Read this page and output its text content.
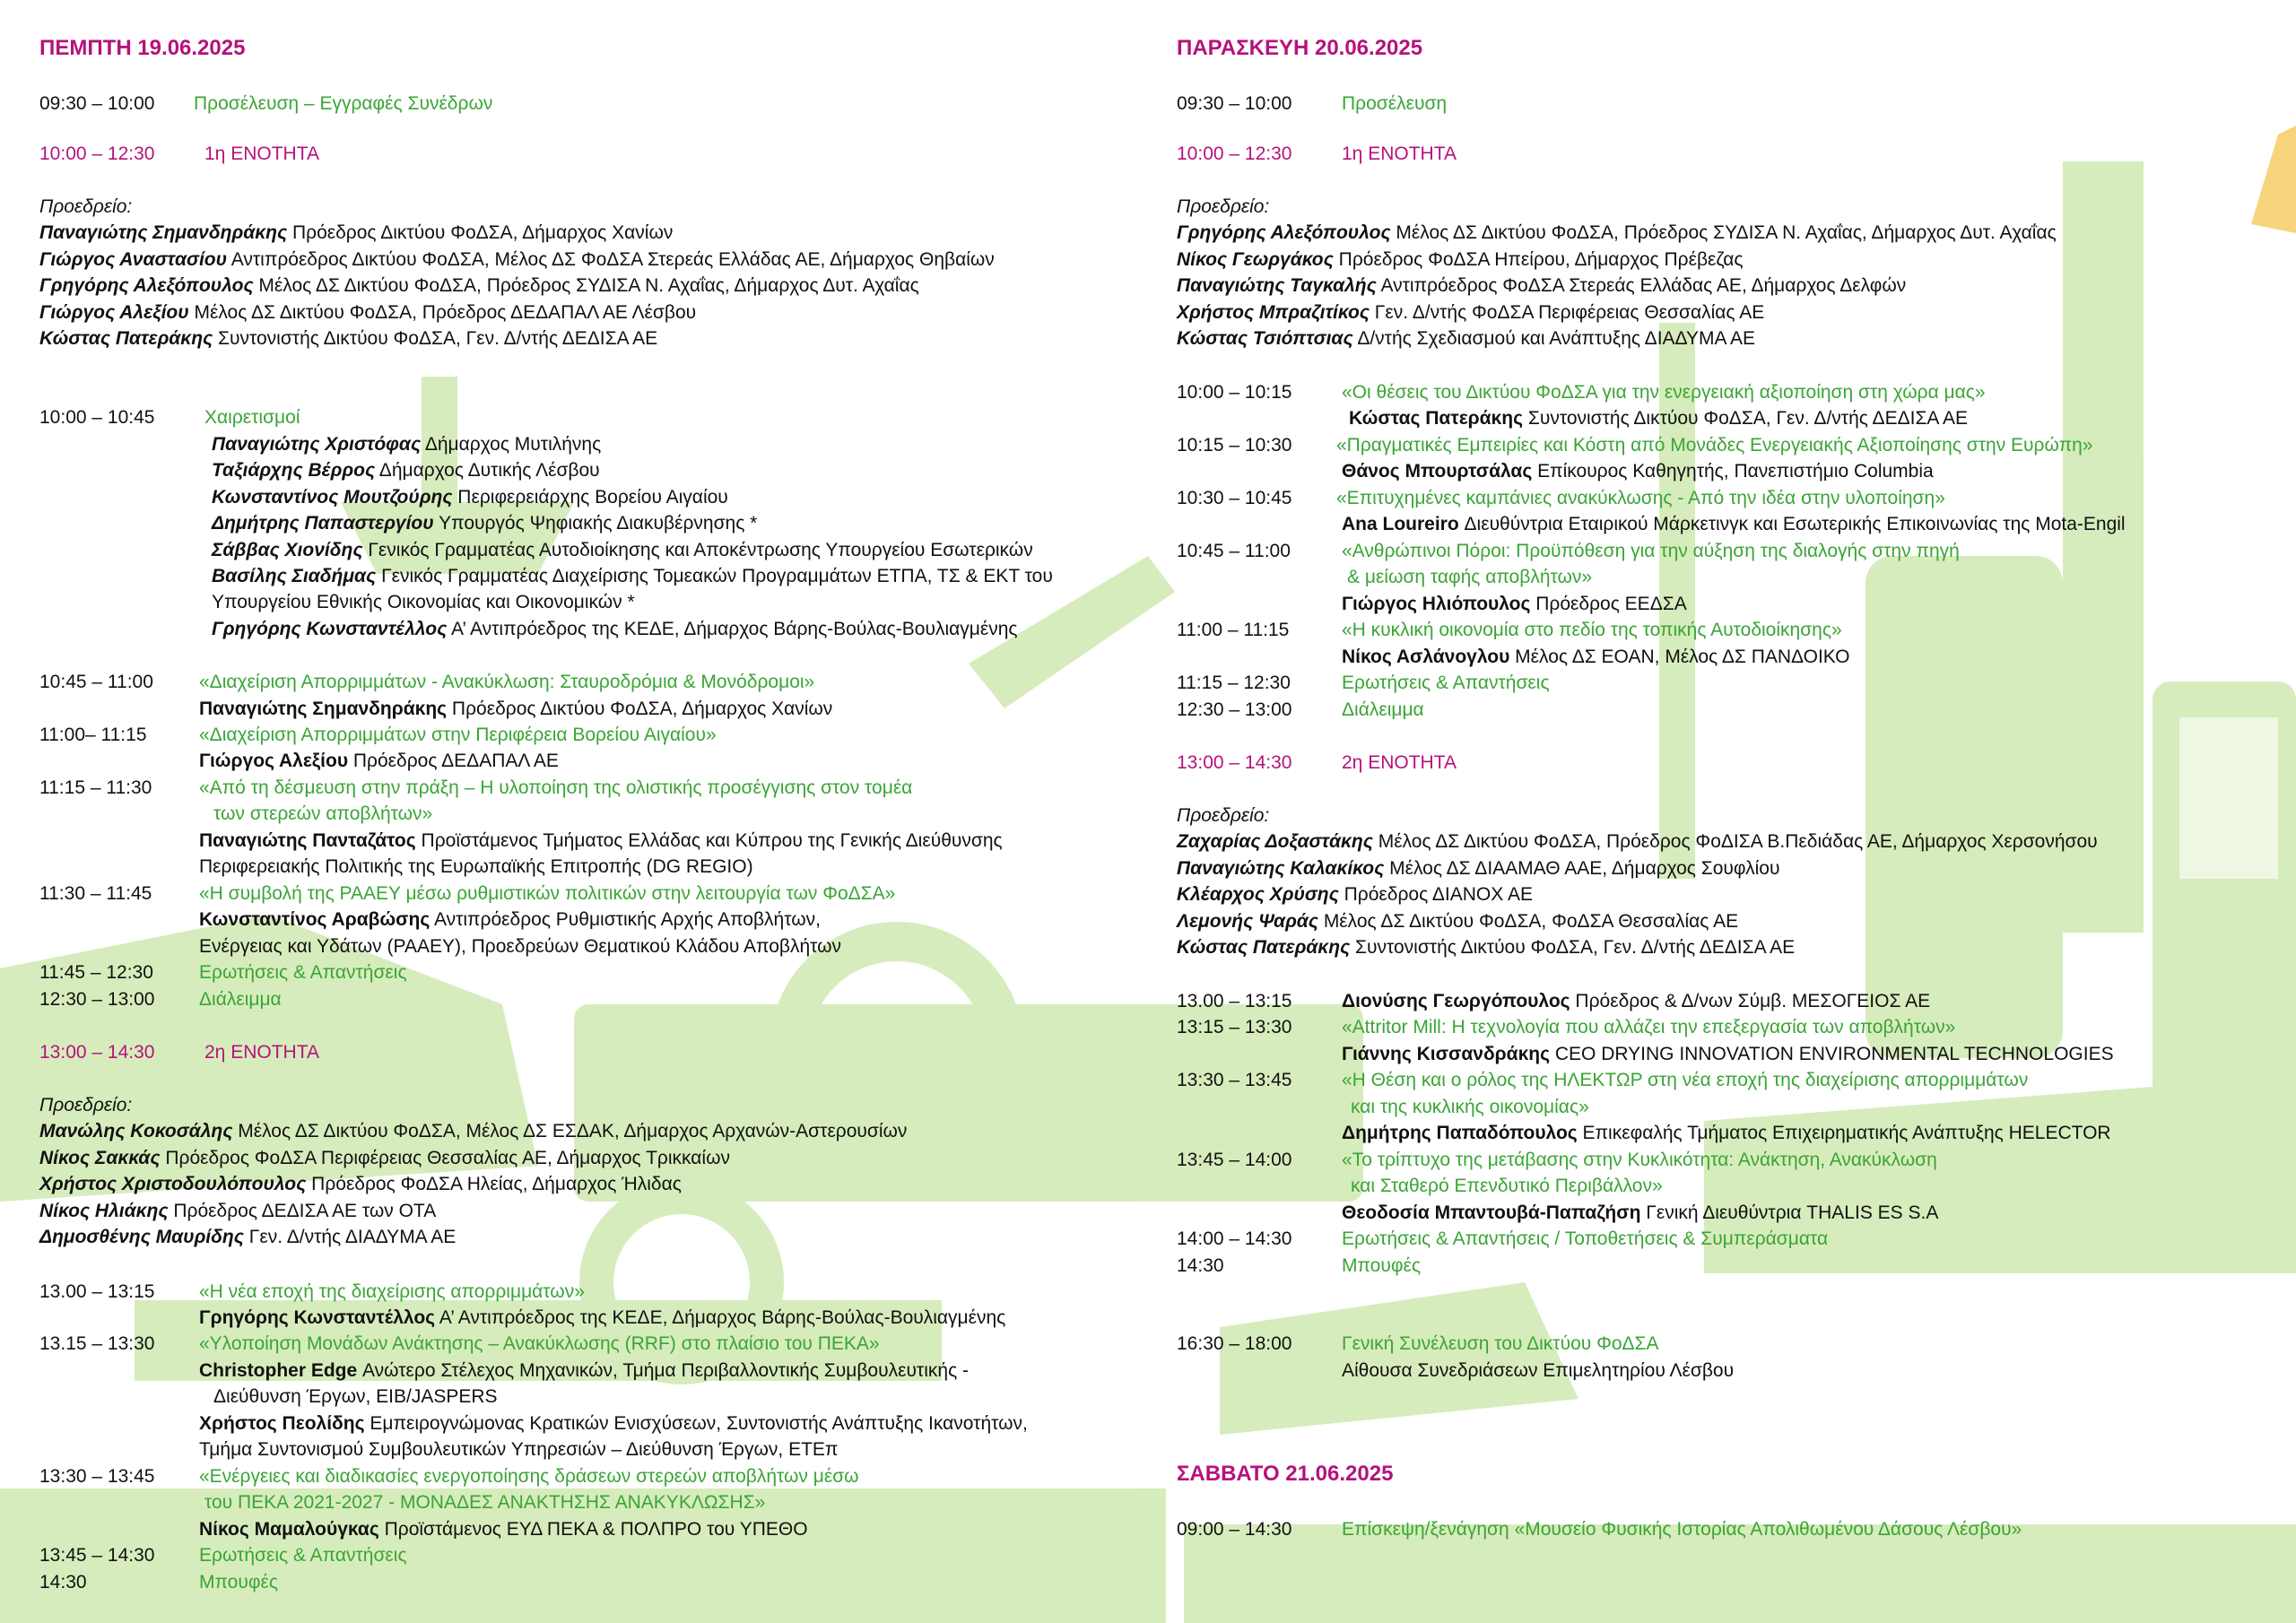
ΠΕΜΠΤΗ 19.06.2025
09:30 – 10:00 Προσέλευση – Εγγραφές Συνέδρων
10:00 – 12:30	1η ΕΝΟΤΗΤΑ
Προεδρείο:
Παναγιώτης Σημανδηράκης Πρόεδρος Δικτύου ΦοΔΣΑ, Δήμαρχος Χανίων
Γιώργος Αναστασίου Αντιπρόεδρος Δικτύου ΦοΔΣΑ, Μέλος ΔΣ ΦοΔΣΑ Στερεάς Ελλάδας ΑΕ, Δήμαρχος Θηβαίων
Γρηγόρης Αλεξόπουλος Μέλος ΔΣ Δικτύου ΦοΔΣΑ, Πρόεδρος ΣΥΔΙΣΑ Ν. Αχαΐας, Δήμαρχος Δυτ. Αχαΐας
Γιώργος Αλεξίου Μέλος ΔΣ Δικτύου ΦοΔΣΑ, Πρόεδρος ΔΕΔΑΠΑΛ ΑΕ Λέσβου
Κώστας Πατεράκης Συντονιστής Δικτύου ΦοΔΣΑ, Γεν. Δ/ντής ΔΕΔΙΣΑ ΑΕ
10:00 – 10:45	Χαιρετισμοί
Παναγιώτης Χριστόφας Δήμαρχος Μυτιλήνης
Ταξιάρχης Βέρρος Δήμαρχος Δυτικής Λέσβου
Κωνσταντίνος Μουτζούρης Περιφερειάρχης Βορείου Αιγαίου
Δημήτρης Παπαστεργίου Υπουργός Ψηφιακής Διακυβέρνησης *
Σάββας Χιονίδης Γενικός Γραμματέας Αυτοδιοίκησης και Αποκέντρωσης Υπουργείου Εσωτερικών
Βασίλης Σιαδήμας Γενικός Γραμματέας Διαχείρισης Τομεακών Προγραμμάτων ΕΤΠΑ, ΤΣ & ΕΚΤ του
Υπουργείου Εθνικής Οικονομίας και Οικονομικών *
Γρηγόρης Κωνσταντέλλος Α’ Αντιπρόεδρος της ΚΕΔΕ, Δήμαρχος Βάρης-Βούλας-Βουλιαγμένης
10:45 – 11:00 «Διαχείριση Απορριμμάτων - Ανακύκλωση: Σταυροδρόμια & Μονόδρομοι»
Παναγιώτης Σημανδηράκης Πρόεδρος Δικτύου ΦοΔΣΑ, Δήμαρχος Χανίων
11:00– 11:15	«Διαχείριση Απορριμμάτων στην Περιφέρεια Βορείου Αιγαίου»
Γιώργος Αλεξίου Πρόεδρος ΔΕΔΑΠΑΛ ΑΕ
11:15 – 11:30	«Από τη δέσμευση στην πράξη – Η υλοποίηση της ολιστικής προσέγγισης στον τομέα
των στερεών αποβλήτων»
Παναγιώτης Πανταζάτος Προϊστάμενος Τμήματος Ελλάδας και Κύπρου της Γενικής Διεύθυνσης
Περιφερειακής Πολιτικής της Ευρωπαϊκής Επιτροπής (DG REGIO)
11:30 – 11:45	«Η συμβολή της ΡΑΑΕΥ μέσω ρυθμιστικών πολιτικών στην λειτουργία των ΦοΔΣΑ»
Κωνσταντίνος Αραβώσης Αντιπρόεδρος Ρυθμιστικής Αρχής Αποβλήτων,
Ενέργειας και Υδάτων (ΡΑΑΕΥ), Προεδρεύων Θεματικού Κλάδου Αποβλήτων
11:45 – 12:30 Ερωτήσεις & Απαντήσεις
12:30 – 13:00 Διάλειμμα
13:00 – 14:30	2η ΕΝΟΤΗΤΑ
Προεδρείο:
Μανώλης Κοκοσάλης Μέλος ΔΣ Δικτύου ΦοΔΣΑ, Μέλος ΔΣ ΕΣΔΑΚ, Δήμαρχος Αρχανών-Αστερουσίων
Νίκος Σακκάς Πρόεδρος ΦοΔΣΑ Περιφέρειας Θεσσαλίας ΑΕ, Δήμαρχος Τρικκαίων
Χρήστος Χριστοδουλόπουλος Πρόεδρος ΦοΔΣΑ Ηλείας, Δήμαρχος Ήλιδας
Νίκος Ηλιάκης Πρόεδρος ΔΕΔΙΣΑ ΑΕ των ΟΤΑ
Δημοσθένης Μαυρίδης Γεν. Δ/ντής ΔΙΑΔΥΜΑ ΑΕ
13.00 – 13:15 «Η νέα εποχή της διαχείρισης απορριμμάτων»
Γρηγόρης Κωνσταντέλλος Α’ Αντιπρόεδρος της ΚΕΔΕ, Δήμαρχος Βάρης-Βούλας-Βουλιαγμένης
13.15 – 13:30 «Υλοποίηση Μονάδων Ανάκτησης – Ανακύκλωσης (RRF) στο πλαίσιο του ΠΕΚΑ»
Christopher Edge Ανώτερο Στέλεχος Μηχανικών, Τμήμα Περιβαλλοντικής Συμβουλευτικής -
Διεύθυνση Έργων, EIB/JASPERS
Χρήστος Πεολίδης Εμπειρογνώμονας Κρατικών Ενισχύσεων, Συντονιστής Ανάπτυξης Ικανοτήτων,
Τμήμα Συντονισμού Συμβουλευτικών Υπηρεσιών – Διεύθυνση Έργων, ΕΤΕπ
13:30 – 13:45 «Ενέργειες και διαδικασίες ενεργοποίησης δράσεων στερεών αποβλήτων μέσω
του ΠΕΚΑ 2021-2027 - ΜΟΝΑΔΕΣ ΑΝΑΚΤΗΣΗΣ ΑΝΑΚΥΚΛΩΣΗΣ»
Νίκος Μαμαλούγκας Προϊστάμενος ΕΥΔ ΠΕΚΑ & ΠΟΛΠΡΟ του ΥΠΕΘΟ
13:45 – 14:30 Ερωτήσεις & Απαντήσεις
14:30	Μπουφές
ΠΑΡΑΣΚΕΥΗ 20.06.2025
09:30 – 10:00	Προσέλευση
10:00 – 12:30	1η ΕΝΟΤΗΤΑ
Προεδρείο:
Γρηγόρης Αλεξόπουλος Μέλος ΔΣ Δικτύου ΦοΔΣΑ, Πρόεδρος ΣΥΔΙΣΑ Ν. Αχαΐας, Δήμαρχος Δυτ. Αχαΐας
Νίκος Γεωργάκος Πρόεδρος ΦοΔΣΑ Ηπείρου, Δήμαρχος Πρέβεζας
Παναγιώτης Ταγκαλής Αντιπρόεδρος ΦοΔΣΑ Στερεάς Ελλάδας ΑΕ, Δήμαρχος Δελφών
Χρήστος Μπραζιτίκος Γεν. Δ/ντής ΦοΔΣΑ Περιφέρειας Θεσσαλίας ΑΕ
Κώστας Τσιόπτσιας Δ/ντής Σχεδιασμού και Ανάπτυξης ΔΙΑΔΥΜΑ ΑΕ
10:00 – 10:15	«Οι θέσεις του Δικτύου ΦοΔΣΑ για την ενεργειακή αξιοποίηση στη χώρα μας»
Κώστας Πατεράκης Συντονιστής Δικτύου ΦοΔΣΑ, Γεν. Δ/ντής ΔΕΔΙΣΑ ΑΕ
10:15 – 10:30 «Πραγματικές Εμπειρίες και Κόστη από Μονάδες Ενεργειακής Αξιοποίησης στην Ευρώπη»
Θάνος Μπουρτσάλας Επίκουρος Καθηγητής, Πανεπιστήμιο Columbia
10:30 – 10:45 «Επιτυχημένες καμπάνιες ανακύκλωσης - Από την ιδέα στην υλοποίηση»
Ana Loureiro Διευθύντρια Εταιρικού Μάρκετινγκ και Εσωτερικής Επικοινωνίας της Mota-Engil
10:45 – 11:00	«Ανθρώπινοι Πόροι: Προϋπόθεση για την αύξηση της διαλογής στην πηγή
& μείωση ταφής αποβλήτων»
Γιώργος Ηλιόπουλος Πρόεδρος ΕΕΔΣΑ
11:00 – 11:15	«Η κυκλική οικονομία στο πεδίο της τοπικής Αυτοδιοίκησης»
Νίκος Ασλάνογλου Μέλος ΔΣ ΕΟΑΝ, Μέλος ΔΣ ΠΑΝΔΟΙΚΟ
11:15 – 12:30	Ερωτήσεις & Απαντήσεις
12:30 – 13:00	Διάλειμμα
13:00 – 14:30	2η ΕΝΟΤΗΤΑ
Προεδρείο:
Ζαχαρίας Δοξαστάκης Μέλος ΔΣ Δικτύου ΦοΔΣΑ, Πρόεδρος ΦοΔΙΣΑ Β.Πεδιάδας ΑΕ, Δήμαρχος Χερσονήσου
Παναγιώτης Καλακίκος Μέλος ΔΣ ΔΙΑΑΜΑΘ ΑΑΕ, Δήμαρχος Σουφλίου
Κλέαρχος Χρύσης Πρόεδρος ΔΙΑΝΟΧ ΑΕ
Λεμονής Ψαράς Μέλος ΔΣ Δικτύου ΦοΔΣΑ, ΦοΔΣΑ Θεσσαλίας ΑΕ
Κώστας Πατεράκης Συντονιστής Δικτύου ΦοΔΣΑ, Γεν. Δ/ντής ΔΕΔΙΣΑ ΑΕ
13.00 – 13:15	Διονύσης Γεωργόπουλος Πρόεδρος & Δ/νων Σύμβ. ΜΕΣΟΓΕΙΟΣ ΑΕ
13:15 – 13:30	«Attritor Mill: Η τεχνολογία που αλλάζει την επεξεργασία των αποβλήτων»
Γιάννης Κισσανδράκης CEO DRYING INNOVATION ENVIRONMENTAL TECHNOLOGIES
13:30 – 13:45	«Η Θέση και ο ρόλος της ΗΛΕΚΤΩΡ στη νέα εποχή της διαχείρισης απορριμμάτων
και της κυκλικής οικονομίας»
Δημήτρης Παπαδόπουλος Επικεφαλής Τμήματος Επιχειρηματικής Ανάπτυξης HELECTOR
13:45 – 14:00	«Το τρίπτυχο της μετάβασης στην Κυκλικότητα: Ανάκτηση, Ανακύκλωση
και Σταθερό Επενδυτικό Περιβάλλον»
Θεοδοσία Μπαντουβά-Παπαζήση Γενική Διευθύντρια THALIS ES S.A
14:00 – 14:30	Ερωτήσεις & Απαντήσεις / Τοποθετήσεις & Συμπεράσματα
14:30	Μπουφές
16:30 – 18:00	Γενική Συνέλευση του Δικτύου ΦοΔΣΑ
Αίθουσα Συνεδριάσεων Επιμελητηρίου Λέσβου
ΣΑΒΒΑΤΟ 21.06.2025
09:00 – 14:30	Επίσκεψη/ξενάγηση «Μουσείο Φυσικής Ιστορίας Απολιθωμένου Δάσους Λέσβου»
